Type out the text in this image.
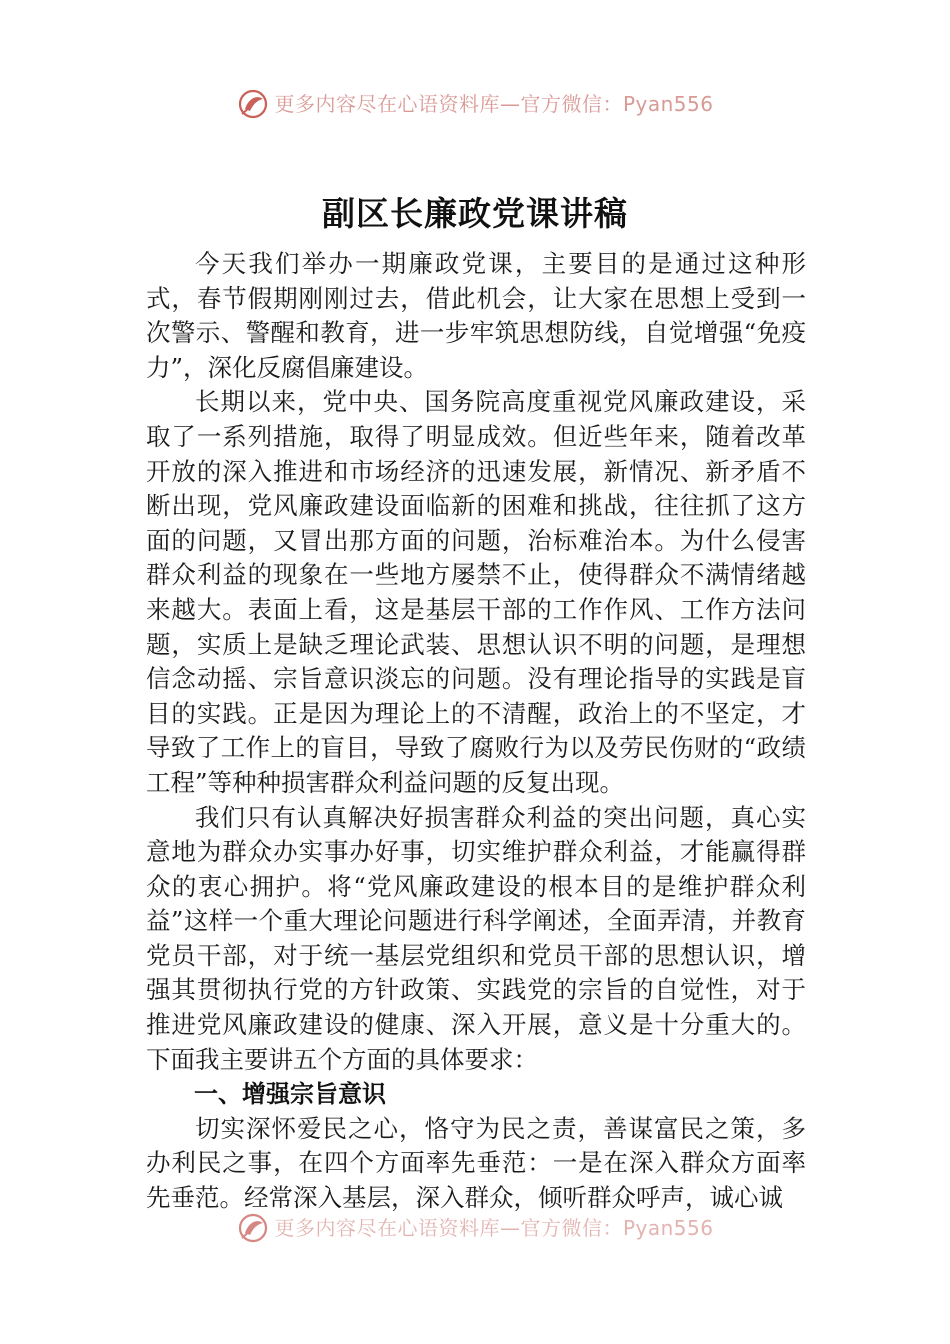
更多内容尽在心语资料库—官方微信：Pyan556
副区长廉政党课讲稿

今天我们举办一期廉政党课，主要目的是通过这种形式，春节假期刚刚过去，借此机会，让大家在思想上受到一次警示、警醒和教育，进一步牢筑思想防线，自觉增强“免疫力”，深化反腐倡廉建设。

长期以来，党中央、国务院高度重视党风廉政建设，采取了一系列措施，取得了明显成效。但近些年来，随着改革开放的深入推进和市场经济的迅速发展，新情况、新矛盾不断出现，党风廉政建设面临新的困难和挑战，往往抓了这方面的问题，又冒出那方面的问题，治标难治本。为什么侵害群众利益的现象在一些地方屡禁不止，使得群众不满情绪越来越大。表面上看，这是基层干部的工作作风、工作方法问题，实质上是缺乏理论武装、思想认识不明的问题，是理想信念动摇、宗旨意识淡忘的问题。没有理论指导的实践是盲目的实践。正是因为理论上的不清醒，政治上的不坚定，才导致了工作上的盲目，导致了腐败行为以及劳民伤财的“政绩工程”等种种损害群众利益问题的反复出现。

我们只有认真解决好损害群众利益的突出问题，真心实意地为群众办实事办好事，切实维护群众利益，才能赢得群众的衷心拥护。将“党风廉政建设的根本目的是维护群众利益”这样一个重大理论问题进行科学阐述，全面弄清，并教育党员干部，对于统一基层党组织和党员干部的思想认识，增强其贯彻执行党的方针政策、实践党的宗旨的自觉性，对于推进党风廉政建设的健康、深入开展，意义是十分重大的。下面我主要讲五个方面的具体要求：

一、增强宗旨意识

切实深怀爱民之心，恪守为民之责，善谋富民之策，多办利民之事，在四个方面率先垂范：一是在深入群众方面率先垂范。经常深入基层，深入群众，倾听群众呼声，诚心诚

更多内容尽在心语资料库—官方微信：Pyan556
